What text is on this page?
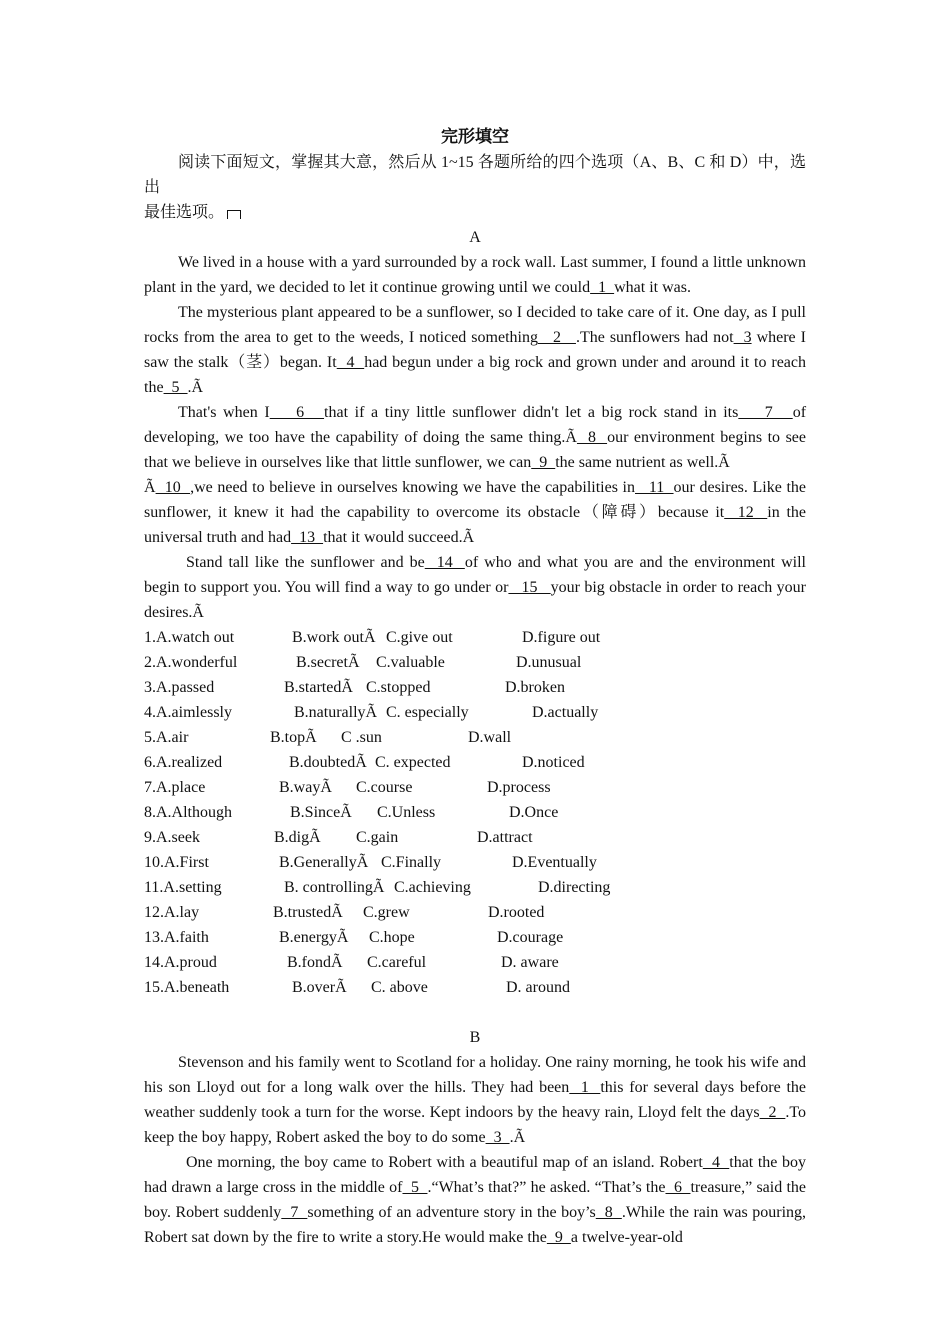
完形填空

阅读下面短文，掌握其大意，然后从 1~15 各题所给的四个选项（A、B、C 和 D）中，选出

最佳选项。

A

We lived in a house with a yard surrounded by a rock wall. Last summer, I found a little unknown plant in the yard, we decided to let it continue growing until we could  1  what it was.

The mysterious plant appeared to be a sunflower, so I decided to take care of it. One day, as I pull rocks from the area to get to the weeds, I noticed something   2   .The sunflowers had not  3 where I saw the stalk（茎）began. It  4  had begun under a big rock and grown under and around it to reach the  5  .Ã

That's when I    6   that if a tiny little sunflower didn't let a big rock stand in its    7   of developing, we too have the capability of doing the same thing.Ã  8  our environment begins to see that we believe in ourselves like that little sunflower, we can  9  the same nutrient as well.Ã

Ã  10  ,we need to believe in ourselves knowing we have the capabilities in   11  our desires. Like the sunflower, it knew it had the capability to overcome its obstacle（障碍）because it  12  in the universal truth and had  13  that it would succeed.Ã

Stand tall like the sunflower and be  14  of who and what you are and the environment will begin to support you. You will find a way to go under or   15   your big obstacle in order to reach your desires.Ã

1.A.watch out	B.work outÃ C.give out	D.figure out
2.A.wonderful	B.secretÃ C.valuable	D.unusual
3.A.passed	B.startedÃ C.stopped	D.broken
4.A.aimlessly	B.naturallyÃ C. especially	D.actually
5.A.air	B.topÃ C .sun	D.wall
6.A.realized	B.doubtedÃ C. expected	D.noticed
7.A.place	B.wayÃ C.course	D.process
8.A.Although	B.SinceÃ C.Unless	D.Once
9.A.seek	B.digÃ C.gain	D.attract
10.A.First	B.GenerallyÃ C.Finally	D.Eventually
11.A.setting	B. controllingÃ C.achieving	D.directing
12.A.lay	B.trustedÃ C.grew	D.rooted
13.A.faith	B.energyÃ C.hope	D.courage
14.A.proud	B.fondÃ C.careful	D. aware
15.A.beneath	B.overÃ C. above	D. around

B

Stevenson and his family went to Scotland for a holiday. One rainy morning, he took his wife and his son Lloyd out for a long walk over the hills. They had been  1  this for several days before the weather suddenly took a turn for the worse. Kept indoors by the heavy rain, Lloyd felt the days  2  .To keep the boy happy, Robert asked the boy to do some  3  .Ã

One morning, the boy came to Robert with a beautiful map of an island. Robert  4  that the boy had drawn a large cross in the middle of  5  .“What’s that?” he asked. “That’s the  6  treasure,” said the boy. Robert suddenly  7  something of an adventure story in the boy’s  8  .While the rain was pouring, Robert sat down by the fire to write a story.He would make the  9  a twelve-year-old
